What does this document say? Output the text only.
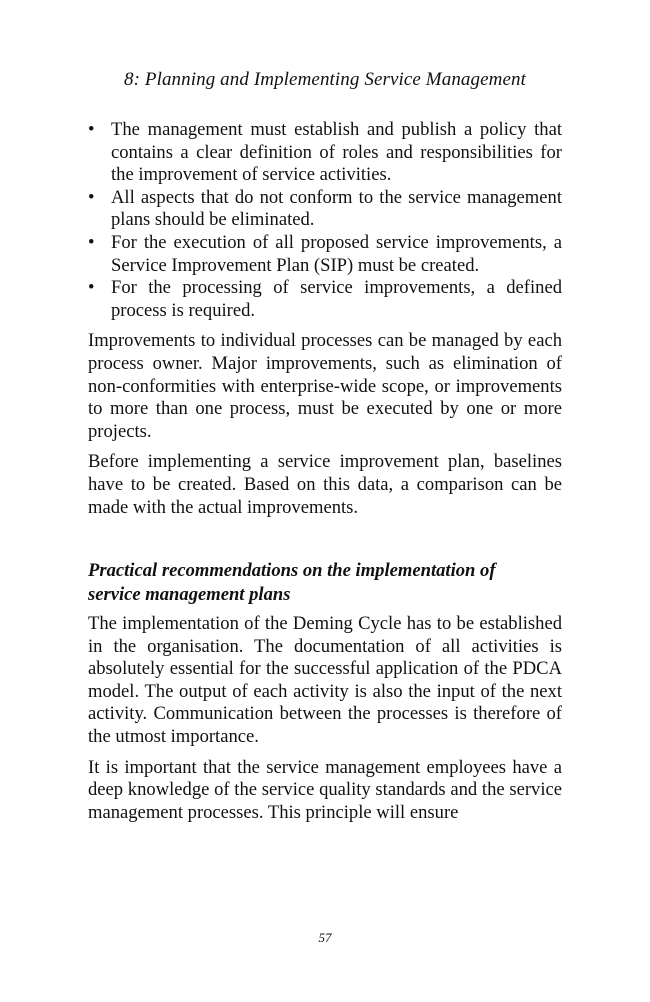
8: Planning and Implementing Service Management
• The management must establish and publish a policy that contains a clear definition of roles and responsibilities for the improvement of service activities.
• All aspects that do not conform to the service management plans should be eliminated.
• For the execution of all proposed service improvements, a Service Improvement Plan (SIP) must be created.
• For the processing of service improvements, a defined process is required.

Improvements to individual processes can be managed by each process owner. Major improvements, such as elimination of non-conformities with enterprise-wide scope, or improvements to more than one process, must be executed by one or more projects.

Before implementing a service improvement plan, baselines have to be created. Based on this data, a comparison can be made with the actual improvements.

Practical recommendations on the implementation of service management plans

The implementation of the Deming Cycle has to be established in the organisation. The documentation of all activities is absolutely essential for the successful application of the PDCA model. The output of each activity is also the input of the next activity. Communication between the processes is therefore of the utmost importance.

It is important that the service management employees have a deep knowledge of the service quality standards and the service management processes. This principle will ensure

57
